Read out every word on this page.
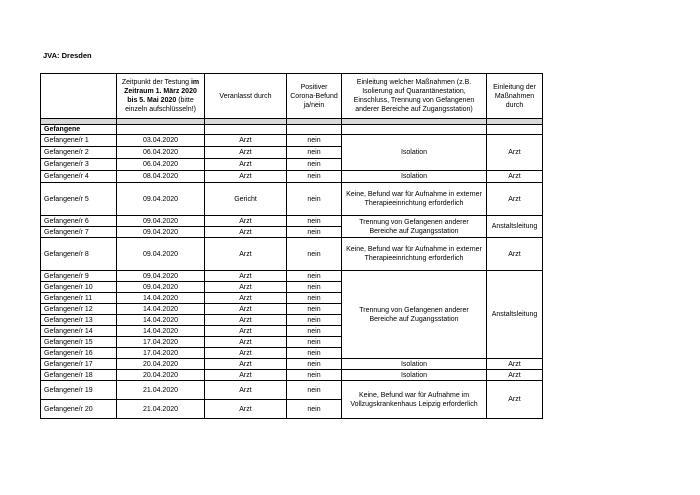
JVA: Dresden
	Zeitpunkt der Testung im Zeitraum 1. März 2020 bis 5. Mai 2020 (bitte einzeln aufschlüsseln!)	Veranlasst durch	Positiver Corona-Befund ja/nein	Einleitung welcher Maßnahmen (z.B. Isolierung auf Quarantänestation, Einschluss, Trennung von Gefangenen anderer Bereiche auf Zugangsstation)	Einleitung der Maßnahmen durch

Gefangene					
Gefangene/r 1	03.04.2020	Arzt	nein	Isolation	Arzt
Gefangene/r 2	06.04.2020	Arzt	nein		
Gefangene/r 3	06.04.2020	Arzt	nein		
Gefangene/r 4	08.04.2020	Arzt	nein	Isolation	Arzt
Gefangene/r 5	09.04.2020	Gericht	nein	Keine, Befund war für Aufnahme in externer Therapieeinrichtung erforderlich	Arzt
Gefangene/r 6	09.04.2020	Arzt	nein	Trennung von Gefangenen anderer Bereiche auf Zugangsstation	Anstaltsleitung
Gefangene/r 7	09.04.2020	Arzt	nein		
Gefangene/r 8	09.04.2020	Arzt	nein	Keine, Befund war für Aufnahme in externer Therapieeinrichtung erforderlich	Arzt
Gefangene/r 9	09.04.2020	Arzt	nein	Trennung von Gefangenen anderer Bereiche auf Zugangsstation	Anstaltsleitung
Gefangene/r 10	09.04.2020	Arzt	nein		
Gefangene/r 11	14.04.2020	Arzt	nein		
Gefangene/r 12	14.04.2020	Arzt	nein		
Gefangene/r 13	14.04.2020	Arzt	nein		
Gefangene/r 14	14.04.2020	Arzt	nein		
Gefangene/r 15	17.04.2020	Arzt	nein		
Gefangene/r 16	17.04.2020	Arzt	nein		
Gefangene/r 17	20.04.2020	Arzt	nein	Isolation	Arzt
Gefangene/r 18	20.04.2020	Arzt	nein	Isolation	Arzt
Gefangene/r 19	21.04.2020	Arzt	nein	Keine, Befund war für Aufnahme im Vollzugskrankenhaus Leipzig erforderlich	Arzt
Gefangene/r 20	21.04.2020	Arzt	nein		
